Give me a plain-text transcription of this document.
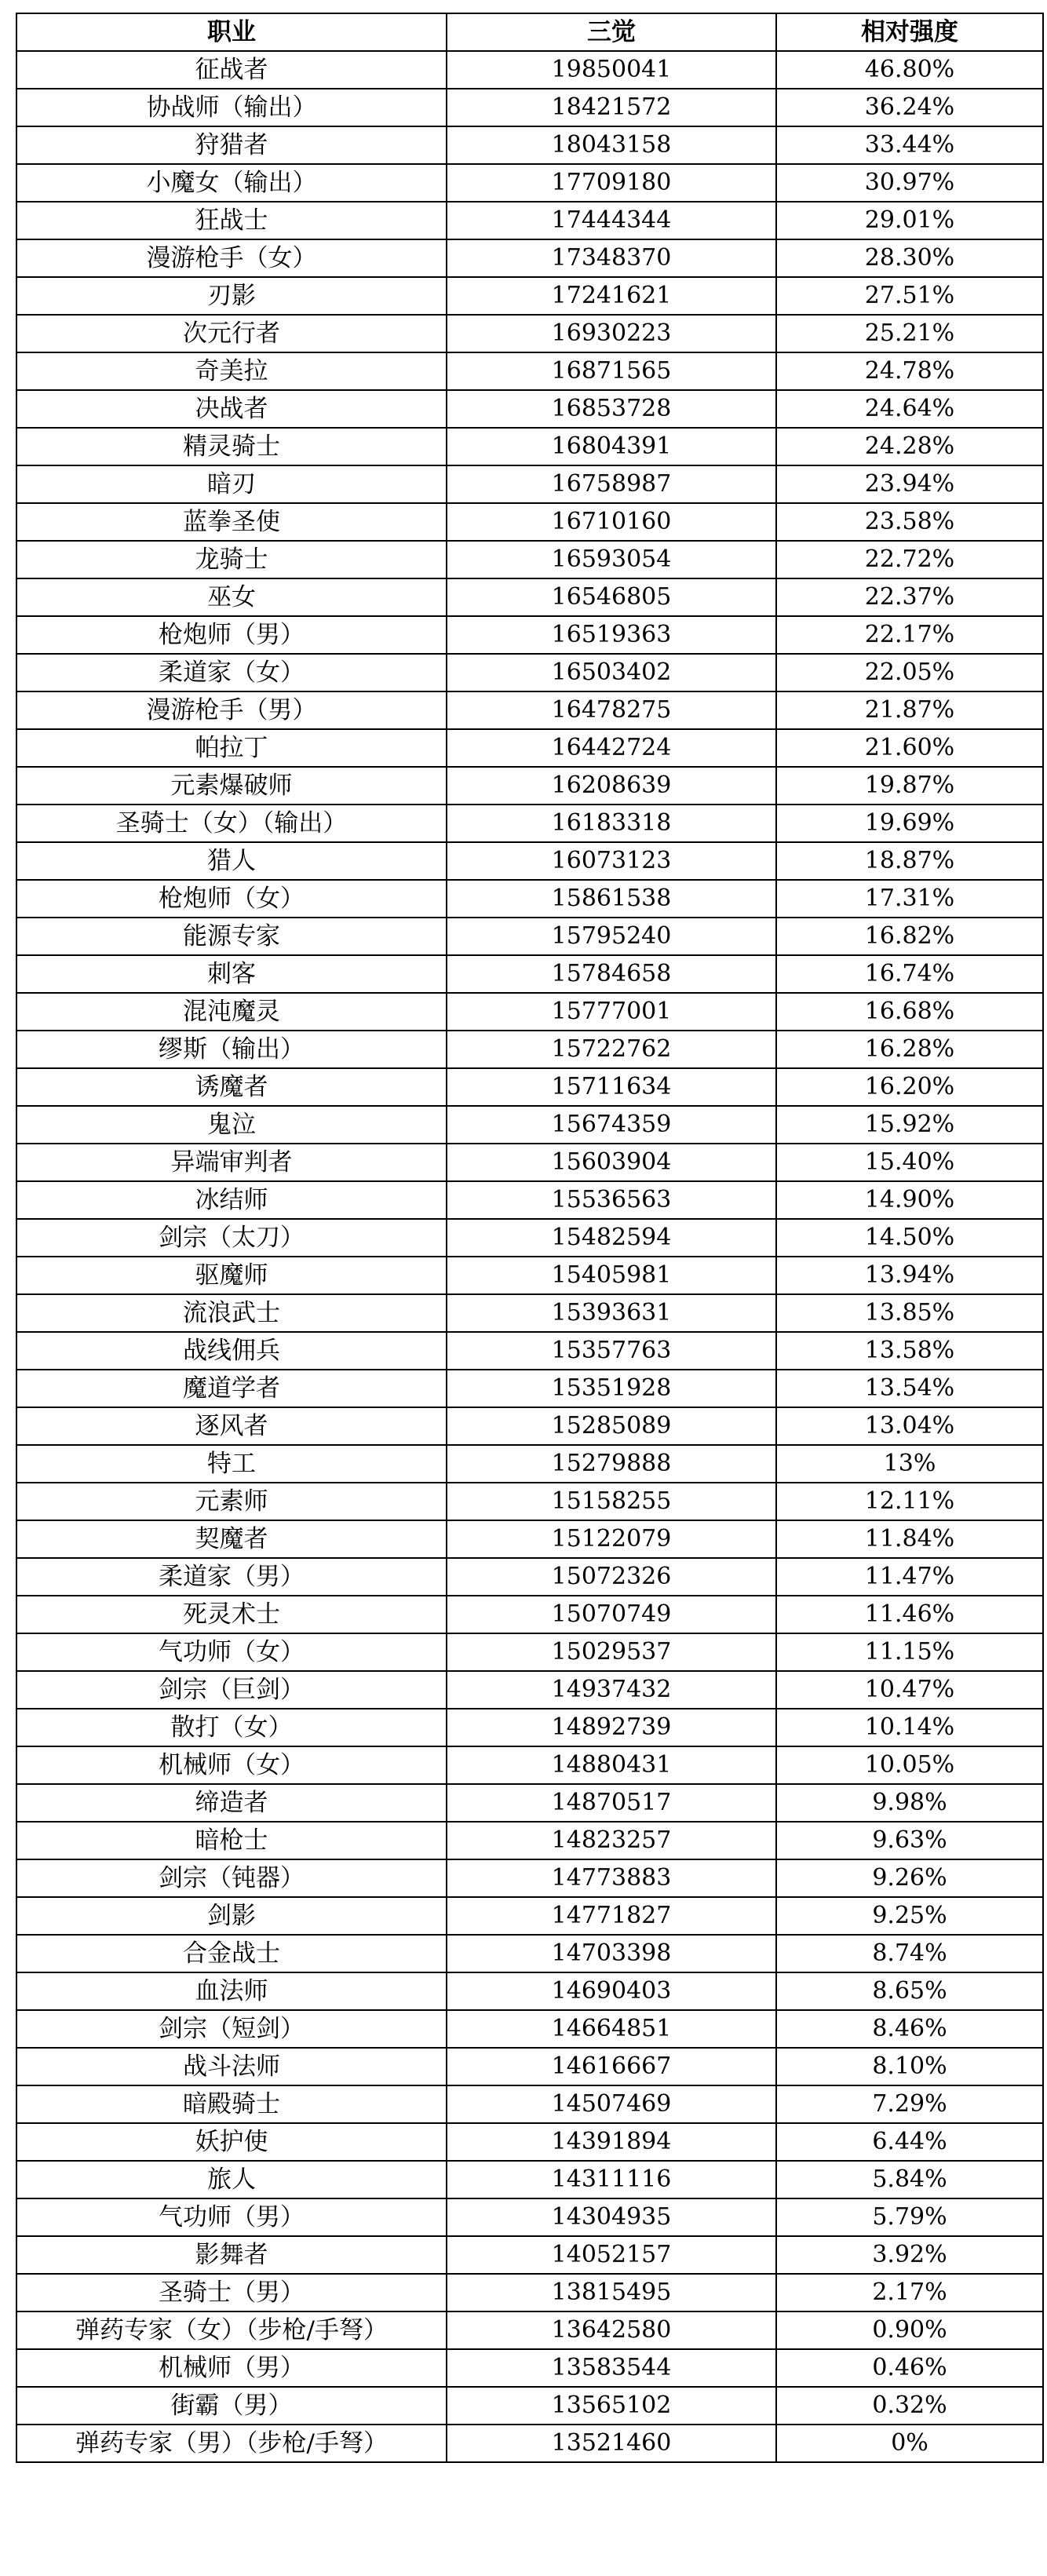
职业	三觉	相对强度
征战者	19850041	46.80%
协战师（输出）	18421572	36.24%
狩猎者	18043158	33.44%
小魔女（输出）	17709180	30.97%
狂战士	17444344	29.01%
漫游枪手（女）	17348370	28.30%
刃影	17241621	27.51%
次元行者	16930223	25.21%
奇美拉	16871565	24.78%
决战者	16853728	24.64%
精灵骑士	16804391	24.28%
暗刃	16758987	23.94%
蓝拳圣使	16710160	23.58%
龙骑士	16593054	22.72%
巫女	16546805	22.37%
枪炮师（男）	16519363	22.17%
柔道家（女）	16503402	22.05%
漫游枪手（男）	16478275	21.87%
帕拉丁	16442724	21.60%
元素爆破师	16208639	19.87%
圣骑士（女）（输出）	16183318	19.69%
猎人	16073123	18.87%
枪炮师（女）	15861538	17.31%
能源专家	15795240	16.82%
刺客	15784658	16.74%
混沌魔灵	15777001	16.68%
缪斯（输出）	15722762	16.28%
诱魔者	15711634	16.20%
鬼泣	15674359	15.92%
异端审判者	15603904	15.40%
冰结师	15536563	14.90%
剑宗（太刀）	15482594	14.50%
驱魔师	15405981	13.94%
流浪武士	15393631	13.85%
战线佣兵	15357763	13.58%
魔道学者	15351928	13.54%
逐风者	15285089	13.04%
特工	15279888	13%
元素师	15158255	12.11%
契魔者	15122079	11.84%
柔道家（男）	15072326	11.47%
死灵术士	15070749	11.46%
气功师（女）	15029537	11.15%
剑宗（巨剑）	14937432	10.47%
散打（女）	14892739	10.14%
机械师（女）	14880431	10.05%
缔造者	14870517	9.98%
暗枪士	14823257	9.63%
剑宗（钝器）	14773883	9.26%
剑影	14771827	9.25%
合金战士	14703398	8.74%
血法师	14690403	8.65%
剑宗（短剑）	14664851	8.46%
战斗法师	14616667	8.10%
暗殿骑士	14507469	7.29%
妖护使	14391894	6.44%
旅人	14311116	5.84%
气功师（男）	14304935	5.79%
影舞者	14052157	3.92%
圣骑士（男）	13815495	2.17%
弹药专家（女）（步枪/手弩）	13642580	0.90%
机械师（男）	13583544	0.46%
街霸（男）	13565102	0.32%
弹药专家（男）（步枪/手弩）	13521460	0%
